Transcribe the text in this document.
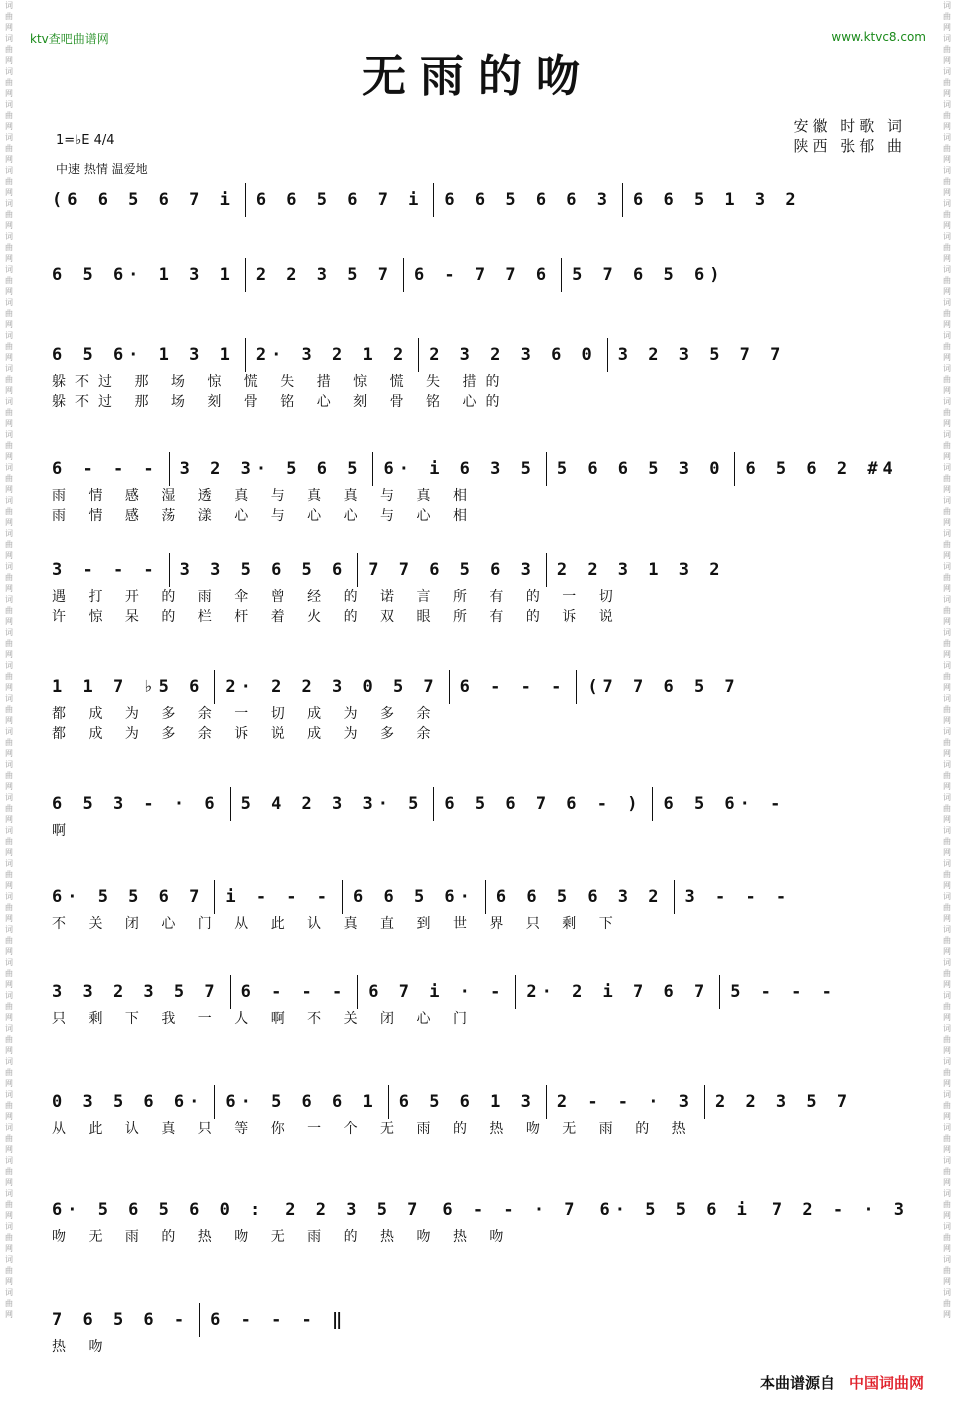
词曲网词曲网词曲网词曲网词曲网词曲网词曲网词曲网词曲网词曲网词曲网词曲网词曲网词曲网词曲网词曲网词曲网词曲网词曲网词曲网词曲网词曲网词曲网词曲网词曲网词曲网词曲网词曲网词曲网词曲网词曲网词曲网词曲网词曲网词曲网词曲网词曲网词曲网词曲网词曲网
词曲网词曲网词曲网词曲网词曲网词曲网词曲网词曲网词曲网词曲网词曲网词曲网词曲网词曲网词曲网词曲网词曲网词曲网词曲网词曲网词曲网词曲网词曲网词曲网词曲网词曲网词曲网词曲网词曲网词曲网词曲网词曲网词曲网词曲网词曲网词曲网词曲网词曲网词曲网词曲网
ktv查吧曲谱网	www.ktvc8.com
无雨的吻
安徽 时歌 词
陕西 张郁 曲
1=♭E 4/4
中速 热情 温爱地
(6 6 5 6 7 i 6 6 5 6 7 i 6 6 5 6 6 3 6 6 5 1 3 2
6 5 6· 1 3 1 2 2 3 5 7 6 - 7 7 6 5 7 6 5 6)
6 5 6· 1 3 1 2· 3 2 1 2 2 3 2 3 6 0 3 2 3 5 7 7
躲不过 那 场 惊 慌 失 措 惊 慌 失 措的
躲不过 那 场 刻 骨 铭 心 刻 骨 铭 心的
6 - - - 3 2 3· 5 6 5 6· i 6 3 5 5 6 6 5 3 0 6 5 6 2 #4
雨 情 感 湿 透 真 与 真 真 与 真 相
雨 情 感 荡 漾 心 与 心 心 与 心 相
3 - - - 3 3 5 6 5 6 7 7 6 5 6 3 2 2 3 1 3 2
遇 打 开 的 雨 伞 曾 经 的 诺 言 所 有 的 一 切
许 惊 呆 的 栏 杆 着 火 的 双 眼 所 有 的 诉 说
1 1 7 ♭5 6 2· 2 2 3 0 5 7 6 - - - (7 7 6 5 7
都 成 为 多 余 一 切 成 为 多 余
都 成 为 多 余 诉 说 成 为 多 余
6 5 3 - · 6 5 4 2 3 3· 5 6 5 6 7 6 - ) 6 5 6· -
啊
6· 5 5 6 7 i - - - 6 6 5 6· 6 6 5 6 3 2 3 - - -
不 关 闭 心 门 从 此 认 真 直 到 世 界 只 剩 下
3 3 2 3 5 7 6 - - - 6 7 i · - 2· 2 i 7 6 7 5 - - -
只 剩 下 我 一 人 啊 不 关 闭 心 门
0 3 5 6 6· 6· 5 6 6 1 6 5 6 1 3 2 - - · 3 2 2 3 5 7
从 此 认 真 只 等 你 一 个 无 雨 的 热 吻 无 雨 的 热
6· 5 6 5 6 0 : 2 2 3 5 7 6 - - · 7 6· 5 5 6 i 7 2 - · 3
吻 无 雨 的 热 吻 无 雨 的 热 吻 热 吻
7 6 5 6 - 6 - - - ‖
热 吻
本曲谱源自 中国词曲网
